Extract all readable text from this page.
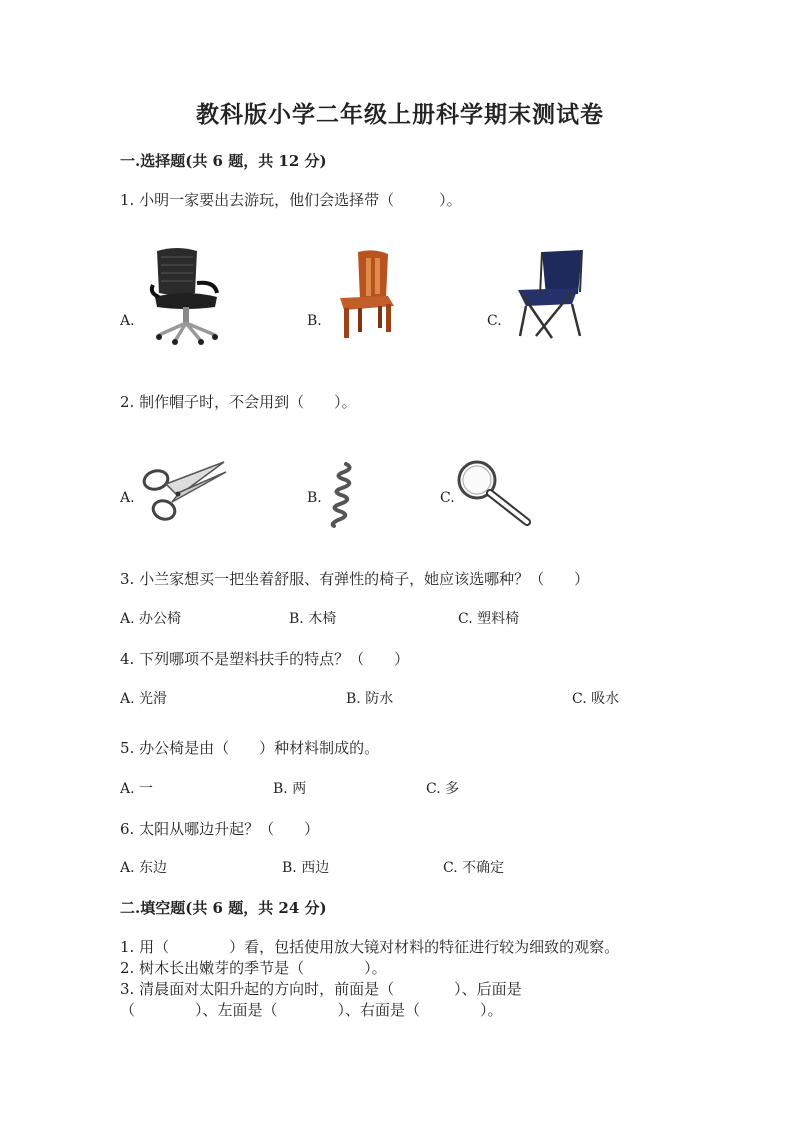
教科版小学二年级上册科学期末测试卷
一.选择题(共 6 题，共 12 分)
1. 小明一家要出去游玩，他们会选择带（　　　）。
A.	B.	C.
2. 制作帽子时，不会用到（　　）。
A.	B.	C.
3. 小兰家想买一把坐着舒服、有弹性的椅子，她应该选哪种？（　　）
A. 办公椅	B. 木椅	C. 塑料椅
4. 下列哪项不是塑料扶手的特点？（　　）
A. 光滑	B. 防水	C. 吸水
5. 办公椅是由（　　）种材料制成的。
A. 一	B. 两	C. 多
6. 太阳从哪边升起？（　　）
A. 东边	B. 西边	C. 不确定
二.填空题(共 6 题，共 24 分)
1. 用（　　　　）看，包括使用放大镜对材料的特征进行较为细致的观察。
2. 树木长出嫩芽的季节是（　　　　）。
3. 清晨面对太阳升起的方向时，前面是（　　　　）、后面是
（　　　　）、左面是（　　　　）、右面是（　　　　）。
